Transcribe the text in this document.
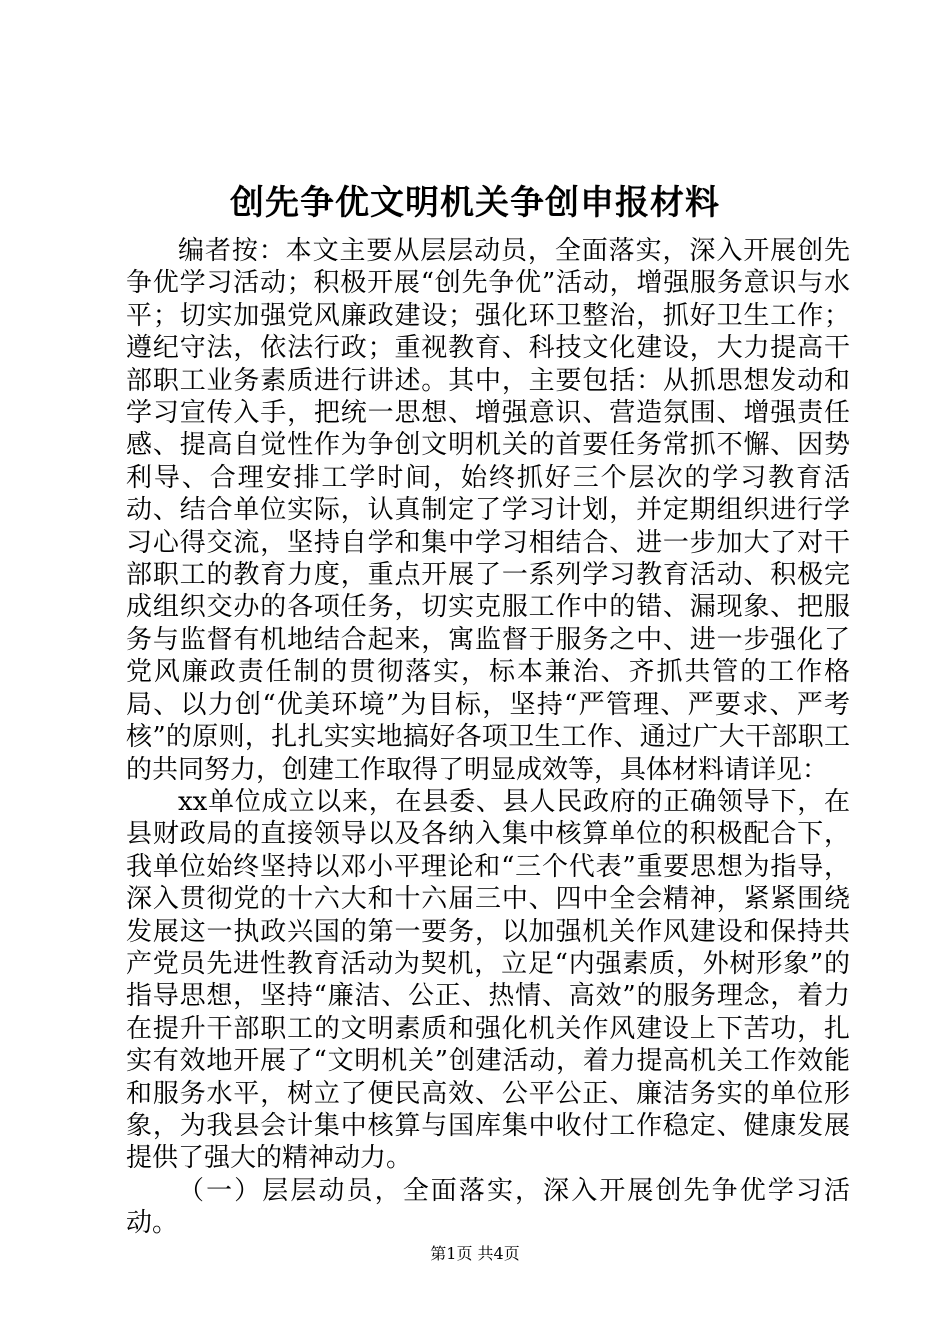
创先争优文明机关争创申报材料

编者按：本文主要从层层动员，全面落实，深入开展创先争优学习活动；积极开展“创先争优”活动，增强服务意识与水平；切实加强党风廉政建设；强化环卫整治，抓好卫生工作；遵纪守法，依法行政；重视教育、科技文化建设，大力提高干部职工业务素质进行讲述。其中，主要包括：从抓思想发动和学习宣传入手，把统一思想、增强意识、营造氛围、增强责任感、提高自觉性作为争创文明机关的首要任务常抓不懈、因势利导、合理安排工学时间，始终抓好三个层次的学习教育活动、结合单位实际，认真制定了学习计划，并定期组织进行学习心得交流，坚持自学和集中学习相结合、进一步加大了对干部职工的教育力度，重点开展了一系列学习教育活动、积极完成组织交办的各项任务，切实克服工作中的错、漏现象、把服务与监督有机地结合起来，寓监督于服务之中、进一步强化了党风廉政责任制的贯彻落实，标本兼治、齐抓共管的工作格局、以力创“优美环境”为目标，坚持“严管理、严要求、严考核”的原则，扎扎实实地搞好各项卫生工作、通过广大干部职工的共同努力，创建工作取得了明显成效等，具体材料请详见：

xx单位成立以来，在县委、县人民政府的正确领导下，在县财政局的直接领导以及各纳入集中核算单位的积极配合下，我单位始终坚持以邓小平理论和“三个代表”重要思想为指导，深入贯彻党的十六大和十六届三中、四中全会精神，紧紧围绕发展这一执政兴国的第一要务，以加强机关作风建设和保持共产党员先进性教育活动为契机，立足“内强素质，外树形象”的指导思想，坚持“廉洁、公正、热情、高效”的服务理念，着力在提升干部职工的文明素质和强化机关作风建设上下苦功，扎实有效地开展了“文明机关”创建活动，着力提高机关工作效能和服务水平，树立了便民高效、公平公正、廉洁务实的单位形象，为我县会计集中核算与国库集中收付工作稳定、健康发展提供了强大的精神动力。

（一）层层动员，全面落实，深入开展创先争优学习活动。

第1页 共4页
